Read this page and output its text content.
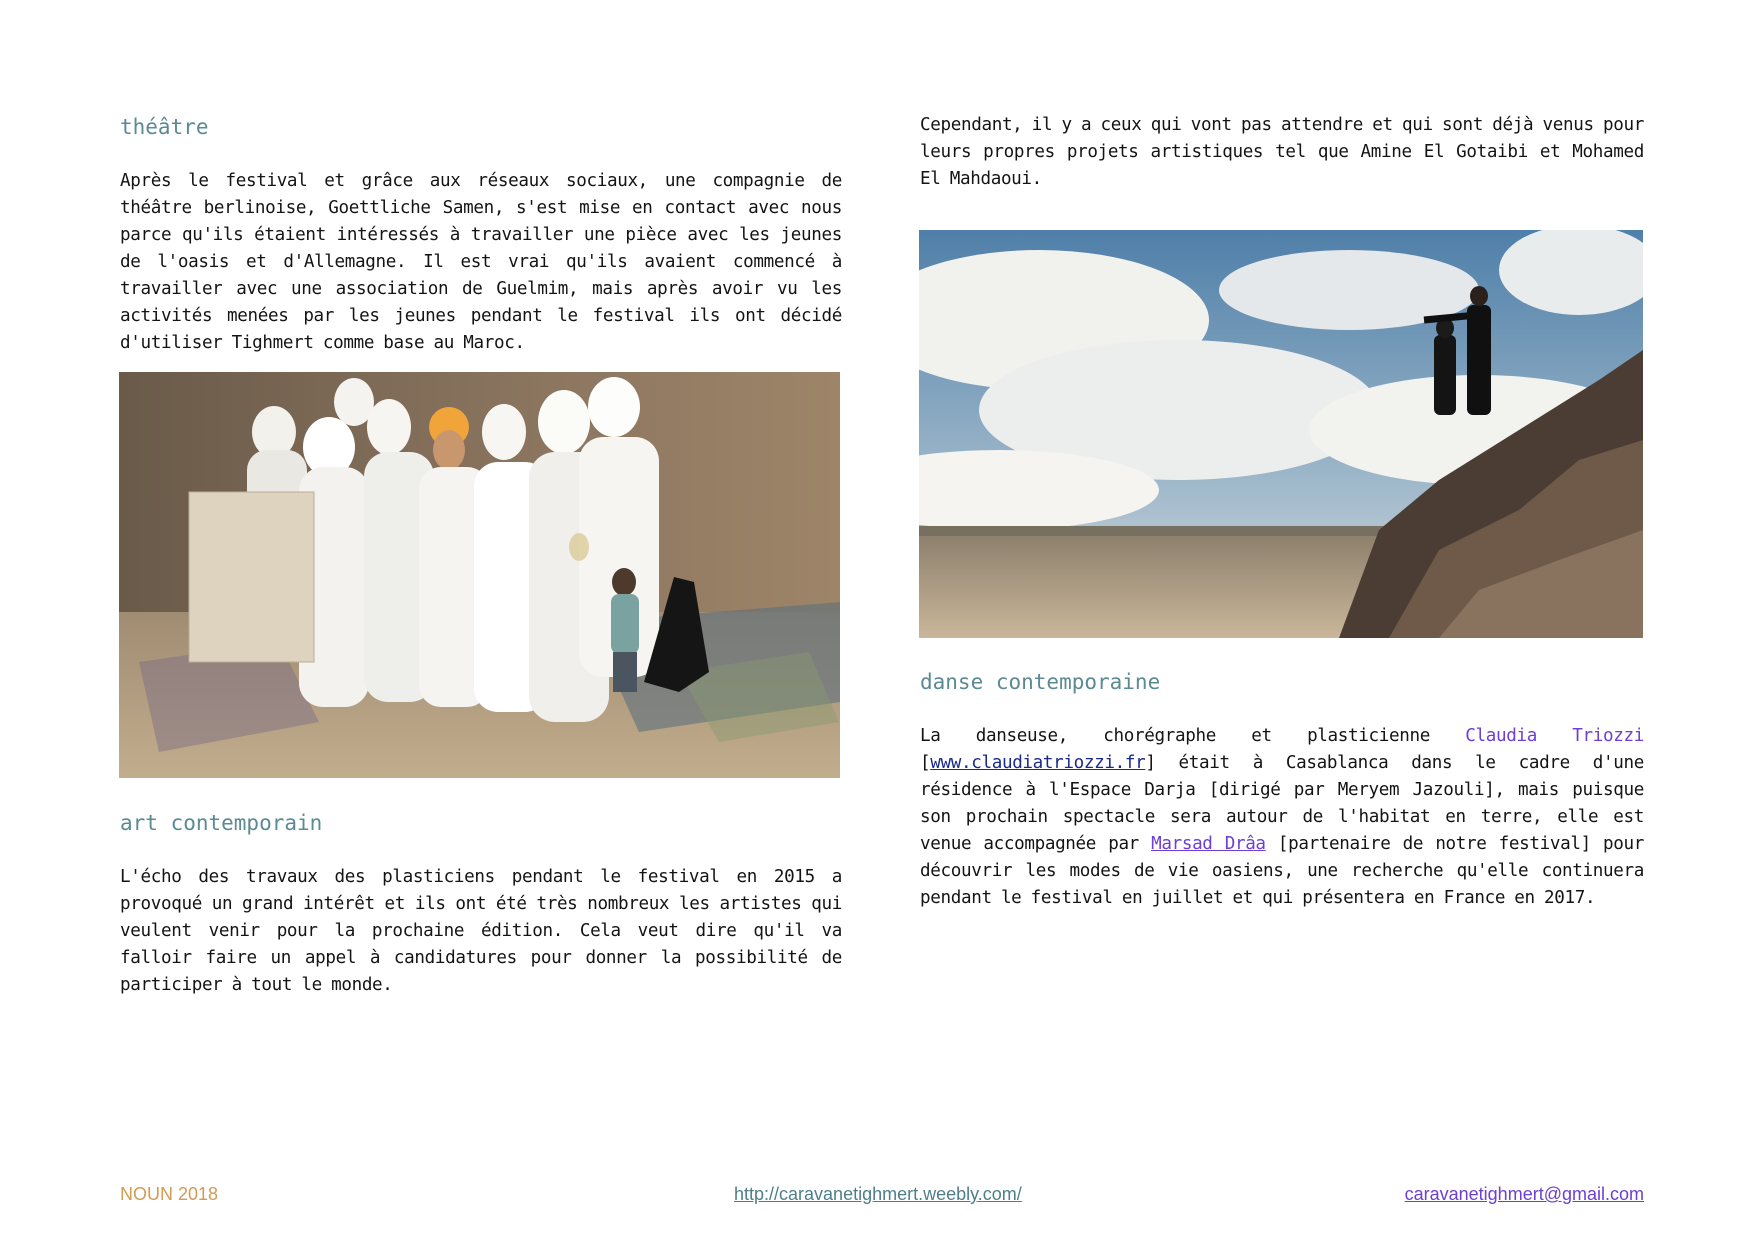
théâtre

Après le festival et grâce aux réseaux sociaux, une compagnie de théâtre berlinoise, Goettliche Samen, s'est mise en contact avec nous parce qu'ils étaient intéressés à travailler une pièce avec les jeunes de l'oasis et d'Allemagne. Il est vrai qu'ils avaient commencé à travailler avec une association de Guelmim, mais après avoir vu les activités menées par les jeunes pendant le festival ils ont décidé d'utiliser Tighmert comme base au Maroc.

art contemporain

L'écho des travaux des plasticiens pendant le festival en 2015 a provoqué un grand intérêt et ils ont été très nombreux les artistes qui veulent venir pour la prochaine édition. Cela veut dire qu'il va falloir faire un appel à candidatures pour donner la possibilité de participer à tout le monde.

Cependant, il y a ceux qui vont pas attendre et qui sont déjà venus pour leurs propres projets artistiques tel que Amine El Gotaibi et Mohamed El Mahdaoui.

danse contemporaine

La danseuse, chorégraphe et plasticienne Claudia Triozzi [www.claudiatriozzi.fr] était à Casablanca dans le cadre d'une résidence à l'Espace Darja [dirigé par Meryem Jazouli], mais puisque son prochain spectacle sera autour de l'habitat en terre, elle est venue accompagnée par Marsad Drâa [partenaire de notre festival] pour découvrir les modes de vie oasiens, une recherche qu'elle continuera pendant le festival en juillet et qui présentera en France en 2017.

NOUN 2018	http://caravanetighmert.weebly.com/	caravanetighmert@gmail.com
